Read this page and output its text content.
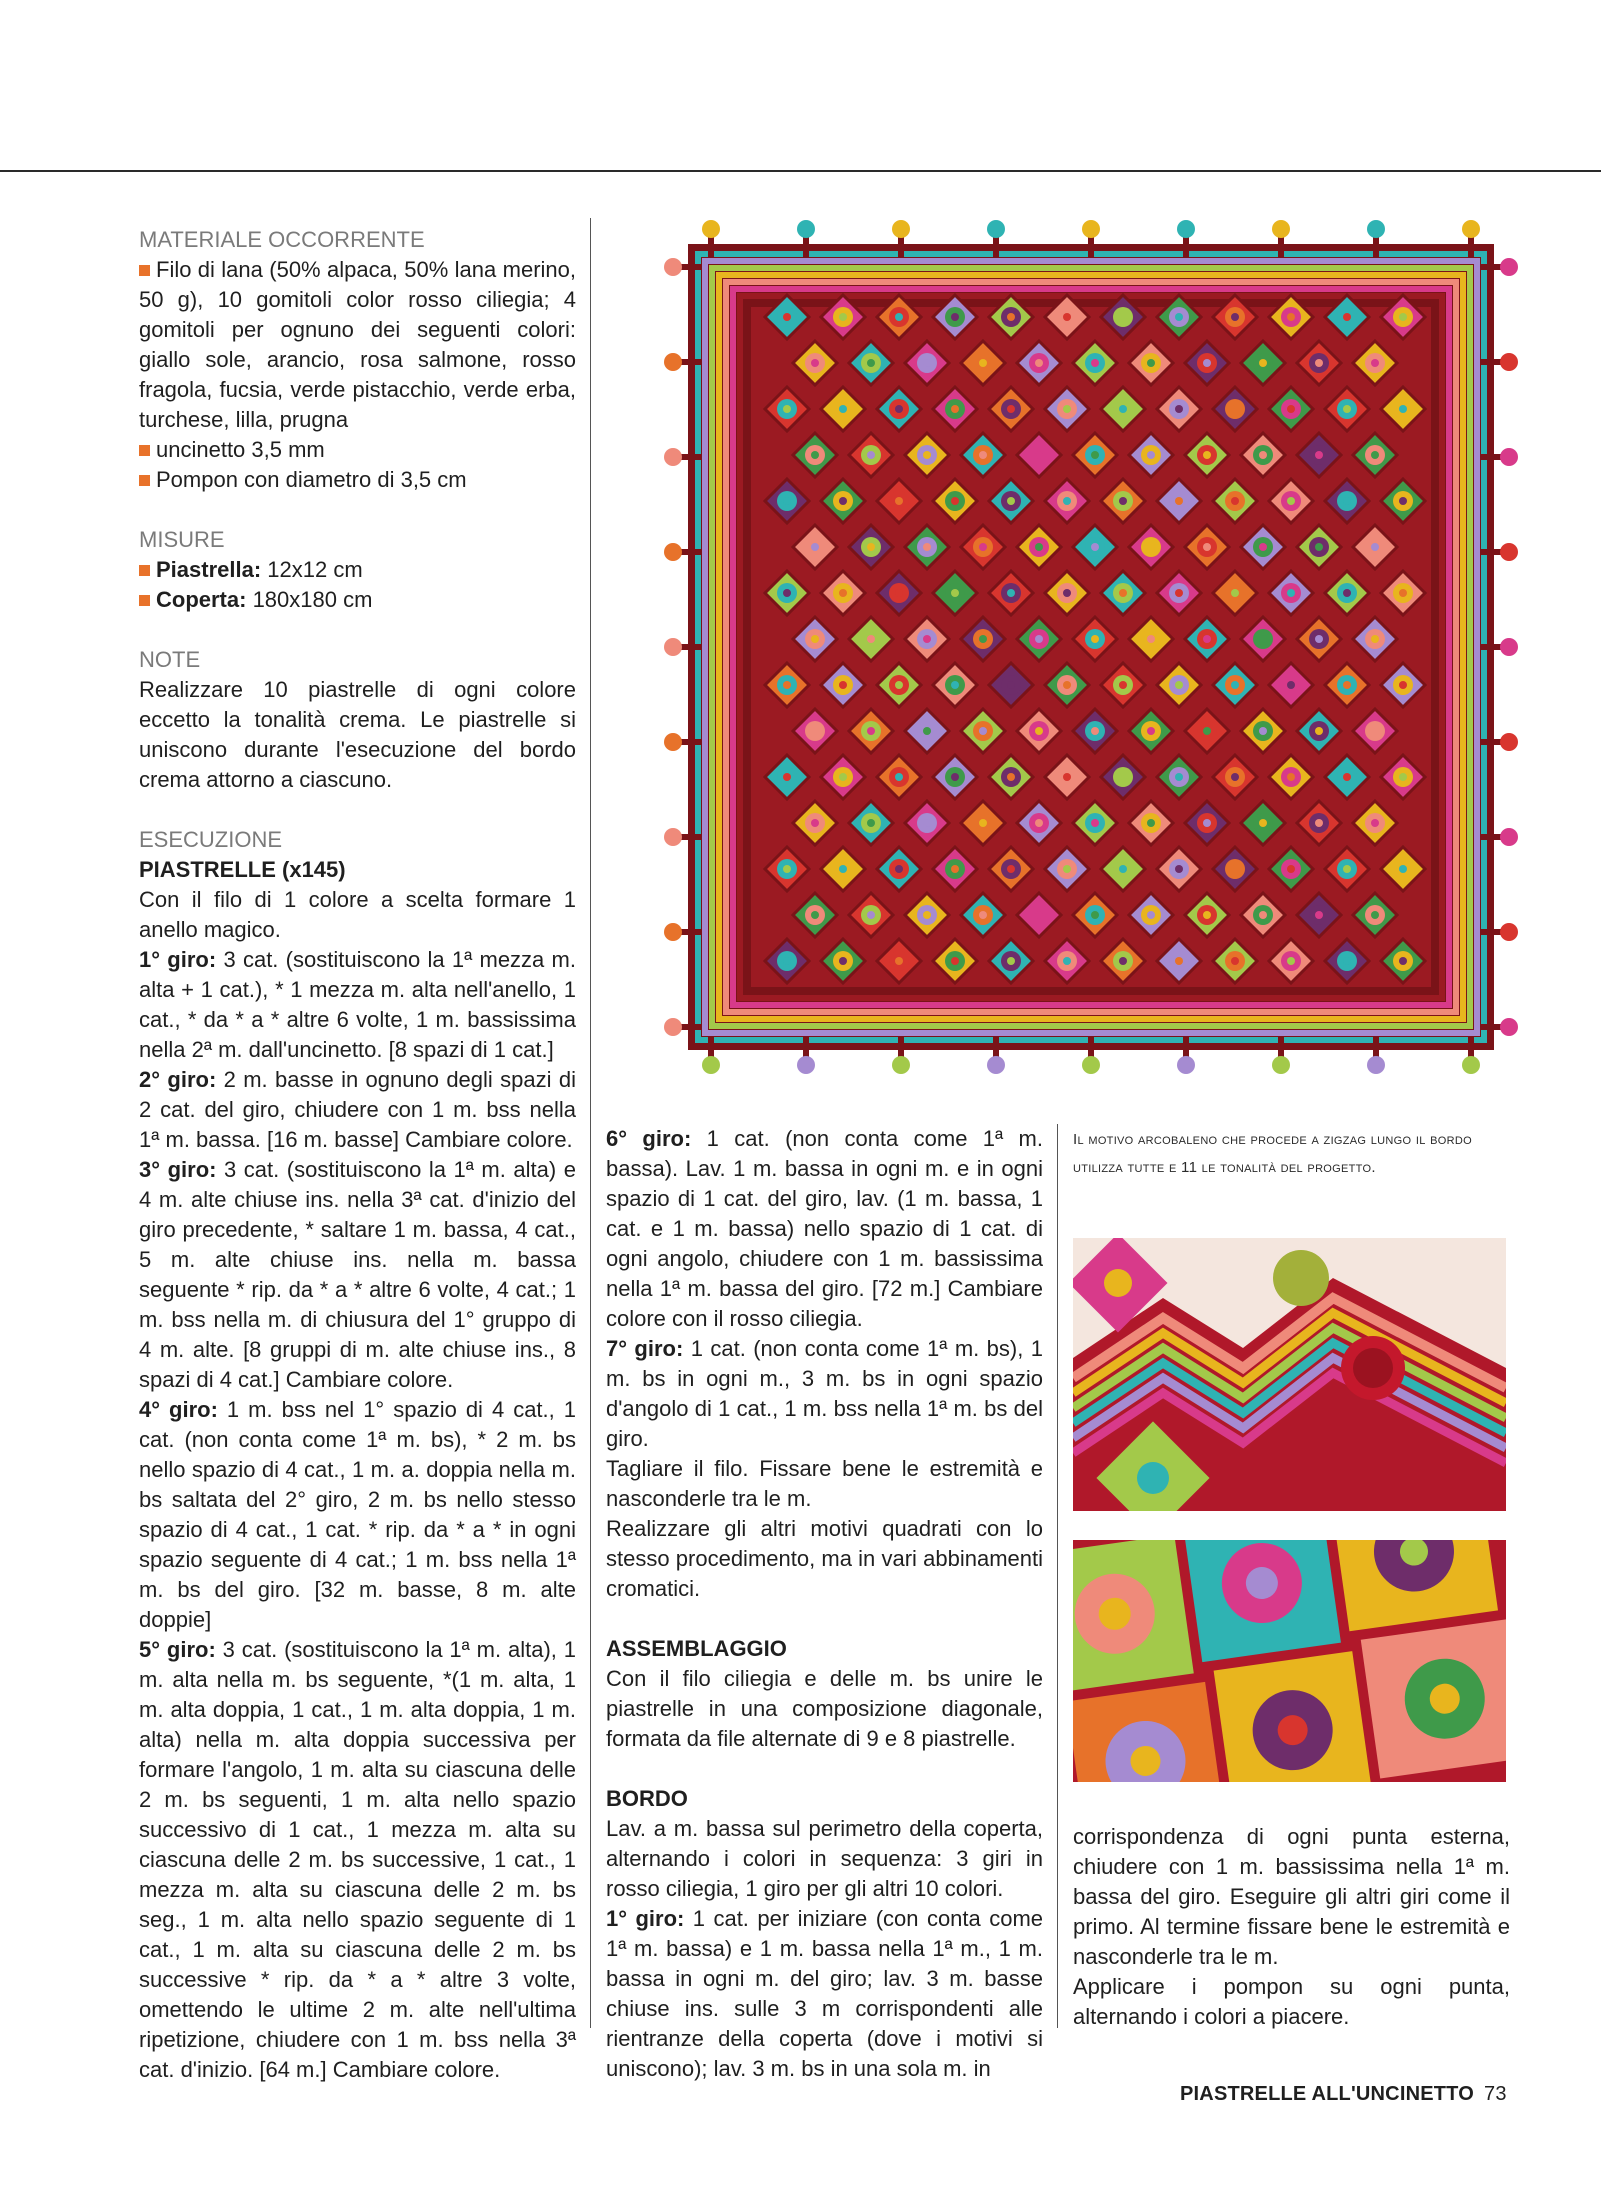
MATERIALE OCCORRENTE

Filo di lana (50% alpaca, 50% lana merino, 50 g), 10 gomitoli color rosso ciliegia; 4 gomitoli per ognuno dei seguenti colori: giallo sole, arancio, rosa salmone, rosso fragola, fucsia, verde pistacchio, verde erba, turchese, lilla, prugna

uncinetto 3,5 mm

Pompon con diametro di 3,5 cm

MISURE

Piastrella: 12x12 cm

Coperta: 180x180 cm

NOTE

Realizzare 10 piastrelle di ogni colore eccetto la tonalità crema. Le piastrelle si uniscono durante l'esecuzione del bordo crema attorno a ciascuno.

ESECUZIONE

PIASTRELLE (x145)

Con il filo di 1 colore a scelta formare 1 anello magico.

1° giro: 3 cat. (sostituiscono la 1ª mezza m. alta + 1 cat.), * 1 mezza m. alta nell'anello, 1 cat., * da * a * altre 6 volte, 1 m. bassissima nella 2ª m. dall'uncinetto. [8 spazi di 1 cat.]

2° giro: 2 m. basse in ognuno degli spazi di 2 cat. del giro, chiudere con 1 m. bss nella 1ª m. bassa. [16 m. basse] Cambiare colore.

3° giro: 3 cat. (sostituiscono la 1ª m. alta) e 4 m. alte chiuse ins. nella 3ª cat. d'inizio del giro precedente, * saltare 1 m. bassa, 4 cat., 5 m. alte chiuse ins. nella m. bassa seguente * rip. da * a * altre 6 volte, 4 cat.; 1 m. bss nella m. di chiusura del 1° gruppo di 4 m. alte. [8 gruppi di m. alte chiuse ins., 8 spazi di 4 cat.] Cambiare colore.

4° giro: 1 m. bss nel 1° spazio di 4 cat., 1 cat. (non conta come 1ª m. bs), * 2 m. bs nello spazio di 4 cat., 1 m. a. doppia nella m. bs saltata del 2° giro, 2 m. bs nello stesso spazio di 4 cat., 1 cat. * rip. da * a * in ogni spazio seguente di 4 cat.; 1 m. bss nella 1ª m. bs del giro. [32 m. basse, 8 m. alte doppie]

5° giro: 3 cat. (sostituiscono la 1ª m. alta), 1 m. alta nella m. bs seguente, *(1 m. alta, 1 m. alta doppia, 1 cat., 1 m. alta doppia, 1 m. alta) nella m. alta doppia successiva per formare l'angolo, 1 m. alta su ciascuna delle 2 m. bs seguenti, 1 m. alta nello spazio successivo di 1 cat., 1 mezza m. alta su ciascuna delle 2 m. bs successive, 1 cat., 1 mezza m. alta su ciascuna delle 2 m. bs seg., 1 m. alta nello spazio seguente di 1 cat., 1 m. alta su ciascuna delle 2 m. bs successive * rip. da * a * altre 3 volte, omettendo le ultime 2 m. alte nell'ultima ripetizione, chiudere con 1 m. bss nella 3ª cat. d'inizio. [64 m.] Cambiare colore.

6° giro: 1 cat. (non conta come 1ª m. bassa). Lav. 1 m. bassa in ogni m. e in ogni spazio di 1 cat. del giro, lav. (1 m. bassa, 1 cat. e 1 m. bassa) nello spazio di 1 cat. di ogni angolo, chiudere con 1 m. bassissima nella 1ª m. bassa del giro. [72 m.] Cambiare colore con il rosso ciliegia.

7° giro: 1 cat. (non conta come 1ª m. bs), 1 m. bs in ogni m., 3 m. bs in ogni spazio d'angolo di 1 cat., 1 m. bss nella 1ª m. bs del giro.

Tagliare il filo. Fissare bene le estremità e nasconderle tra le m.

Realizzare gli altri motivi quadrati con lo stesso procedimento, ma in vari abbinamenti cromatici.

ASSEMBLAGGIO

Con il filo ciliegia e delle m. bs unire le piastrelle in una composizione diagonale, formata da file alternate di 9 e 8 piastrelle.

BORDO

Lav. a m. bassa sul perimetro della coperta, alternando i colori in sequenza: 3 giri in rosso ciliegia, 1 giro per gli altri 10 colori.

1° giro: 1 cat. per iniziare (con conta come 1ª m. bassa) e 1 m. bassa nella 1ª m., 1 m. bassa in ogni m. del giro; lav. 3 m. basse chiuse ins. sulle 3 m corrispondenti alle rientranze della coperta (dove i motivi si uniscono); lav. 3 m. bs in una sola m. in

Il motivo arcobaleno che procede a zigzag lungo il bordo utilizza tutte e 11 le tonalità del progetto.

corrispondenza di ogni punta esterna, chiudere con 1 m. bassissima nella 1ª m. bassa del giro. Eseguire gli altri giri come il primo. Al termine fissare bene le estremità e nasconderle tra le m.

Applicare i pompon su ogni punta, alternando i colori a piacere.

PIASTRELLE ALL'UNCINETTO 73
